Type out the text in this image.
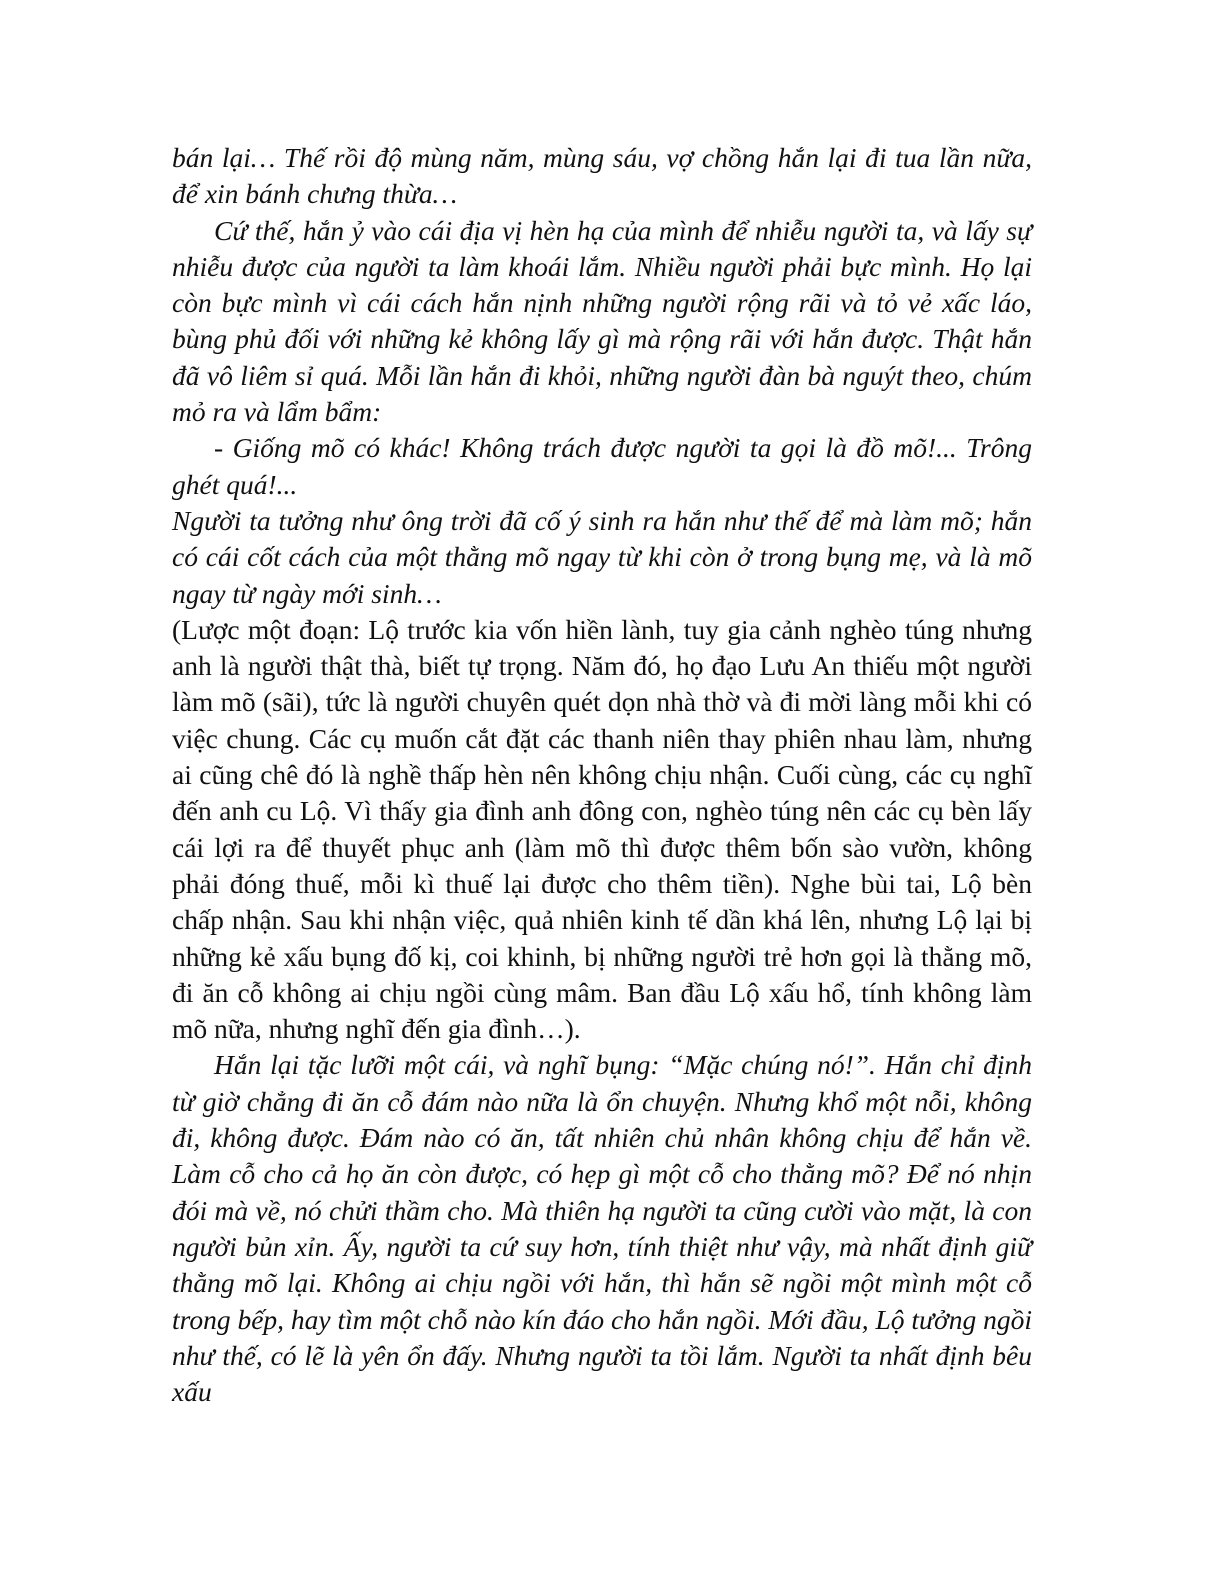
bán lại… Thế rồi độ mùng năm, mùng sáu, vợ chồng hắn lại đi tua lần nữa, để xin bánh chưng thừa…

Cứ thế, hắn ỷ vào cái địa vị hèn hạ của mình để nhiễu người ta, và lấy sự nhiễu được của người ta làm khoái lắm. Nhiều người phải bực mình. Họ lại còn bực mình vì cái cách hắn nịnh những người rộng rãi và tỏ vẻ xấc láo, bùng phủ đối với những kẻ không lấy gì mà rộng rãi với hắn được. Thật hắn đã vô liêm sỉ quá. Mỗi lần hắn đi khỏi, những người đàn bà nguýt theo, chúm mỏ ra và lẩm bẩm:

- Giống mõ có khác! Không trách được người ta gọi là đồ mõ!... Trông ghét quá!...

Người ta tưởng như ông trời đã cố ý sinh ra hắn như thế để mà làm mõ; hắn có cái cốt cách của một thằng mõ ngay từ khi còn ở trong bụng mẹ, và là mõ ngay từ ngày mới sinh…

(Lược một đoạn: Lộ trước kia vốn hiền lành, tuy gia cảnh nghèo túng nhưng anh là người thật thà, biết tự trọng. Năm đó, họ đạo Lưu An thiếu một người làm mõ (sãi), tức là người chuyên quét dọn nhà thờ và đi mời làng mỗi khi có việc chung. Các cụ muốn cắt đặt các thanh niên thay phiên nhau làm, nhưng ai cũng chê đó là nghề thấp hèn nên không chịu nhận. Cuối cùng, các cụ nghĩ đến anh cu Lộ. Vì thấy gia đình anh đông con, nghèo túng nên các cụ bèn lấy cái lợi ra để thuyết phục anh (làm mõ thì được thêm bốn sào vườn, không phải đóng thuế, mỗi kì thuế lại được cho thêm tiền). Nghe bùi tai, Lộ bèn chấp nhận. Sau khi nhận việc, quả nhiên kinh tế dần khá lên, nhưng Lộ lại bị những kẻ xấu bụng đố kị, coi khinh, bị những người trẻ hơn gọi là thằng mõ, đi ăn cỗ không ai chịu ngồi cùng mâm. Ban đầu Lộ xấu hổ, tính không làm mõ nữa, nhưng nghĩ đến gia đình…).

Hắn lại tặc lưỡi một cái, và nghĩ bụng: “Mặc chúng nó!”. Hắn chỉ định từ giờ chẳng đi ăn cỗ đám nào nữa là ổn chuyện. Nhưng khổ một nỗi, không đi, không được. Đám nào có ăn, tất nhiên chủ nhân không chịu để hắn về. Làm cỗ cho cả họ ăn còn được, có hẹp gì một cỗ cho thằng mõ? Để nó nhịn đói mà về, nó chửi thầm cho. Mà thiên hạ người ta cũng cười vào mặt, là con người bủn xỉn. Ấy, người ta cứ suy hơn, tính thiệt như vậy, mà nhất định giữ thằng mõ lại. Không ai chịu ngồi với hắn, thì hắn sẽ ngồi một mình một cỗ trong bếp, hay tìm một chỗ nào kín đáo cho hắn ngồi. Mới đầu, Lộ tưởng ngồi như thế, có lẽ là yên ổn đấy. Nhưng người ta tồi lắm. Người ta nhất định bêu xấu
